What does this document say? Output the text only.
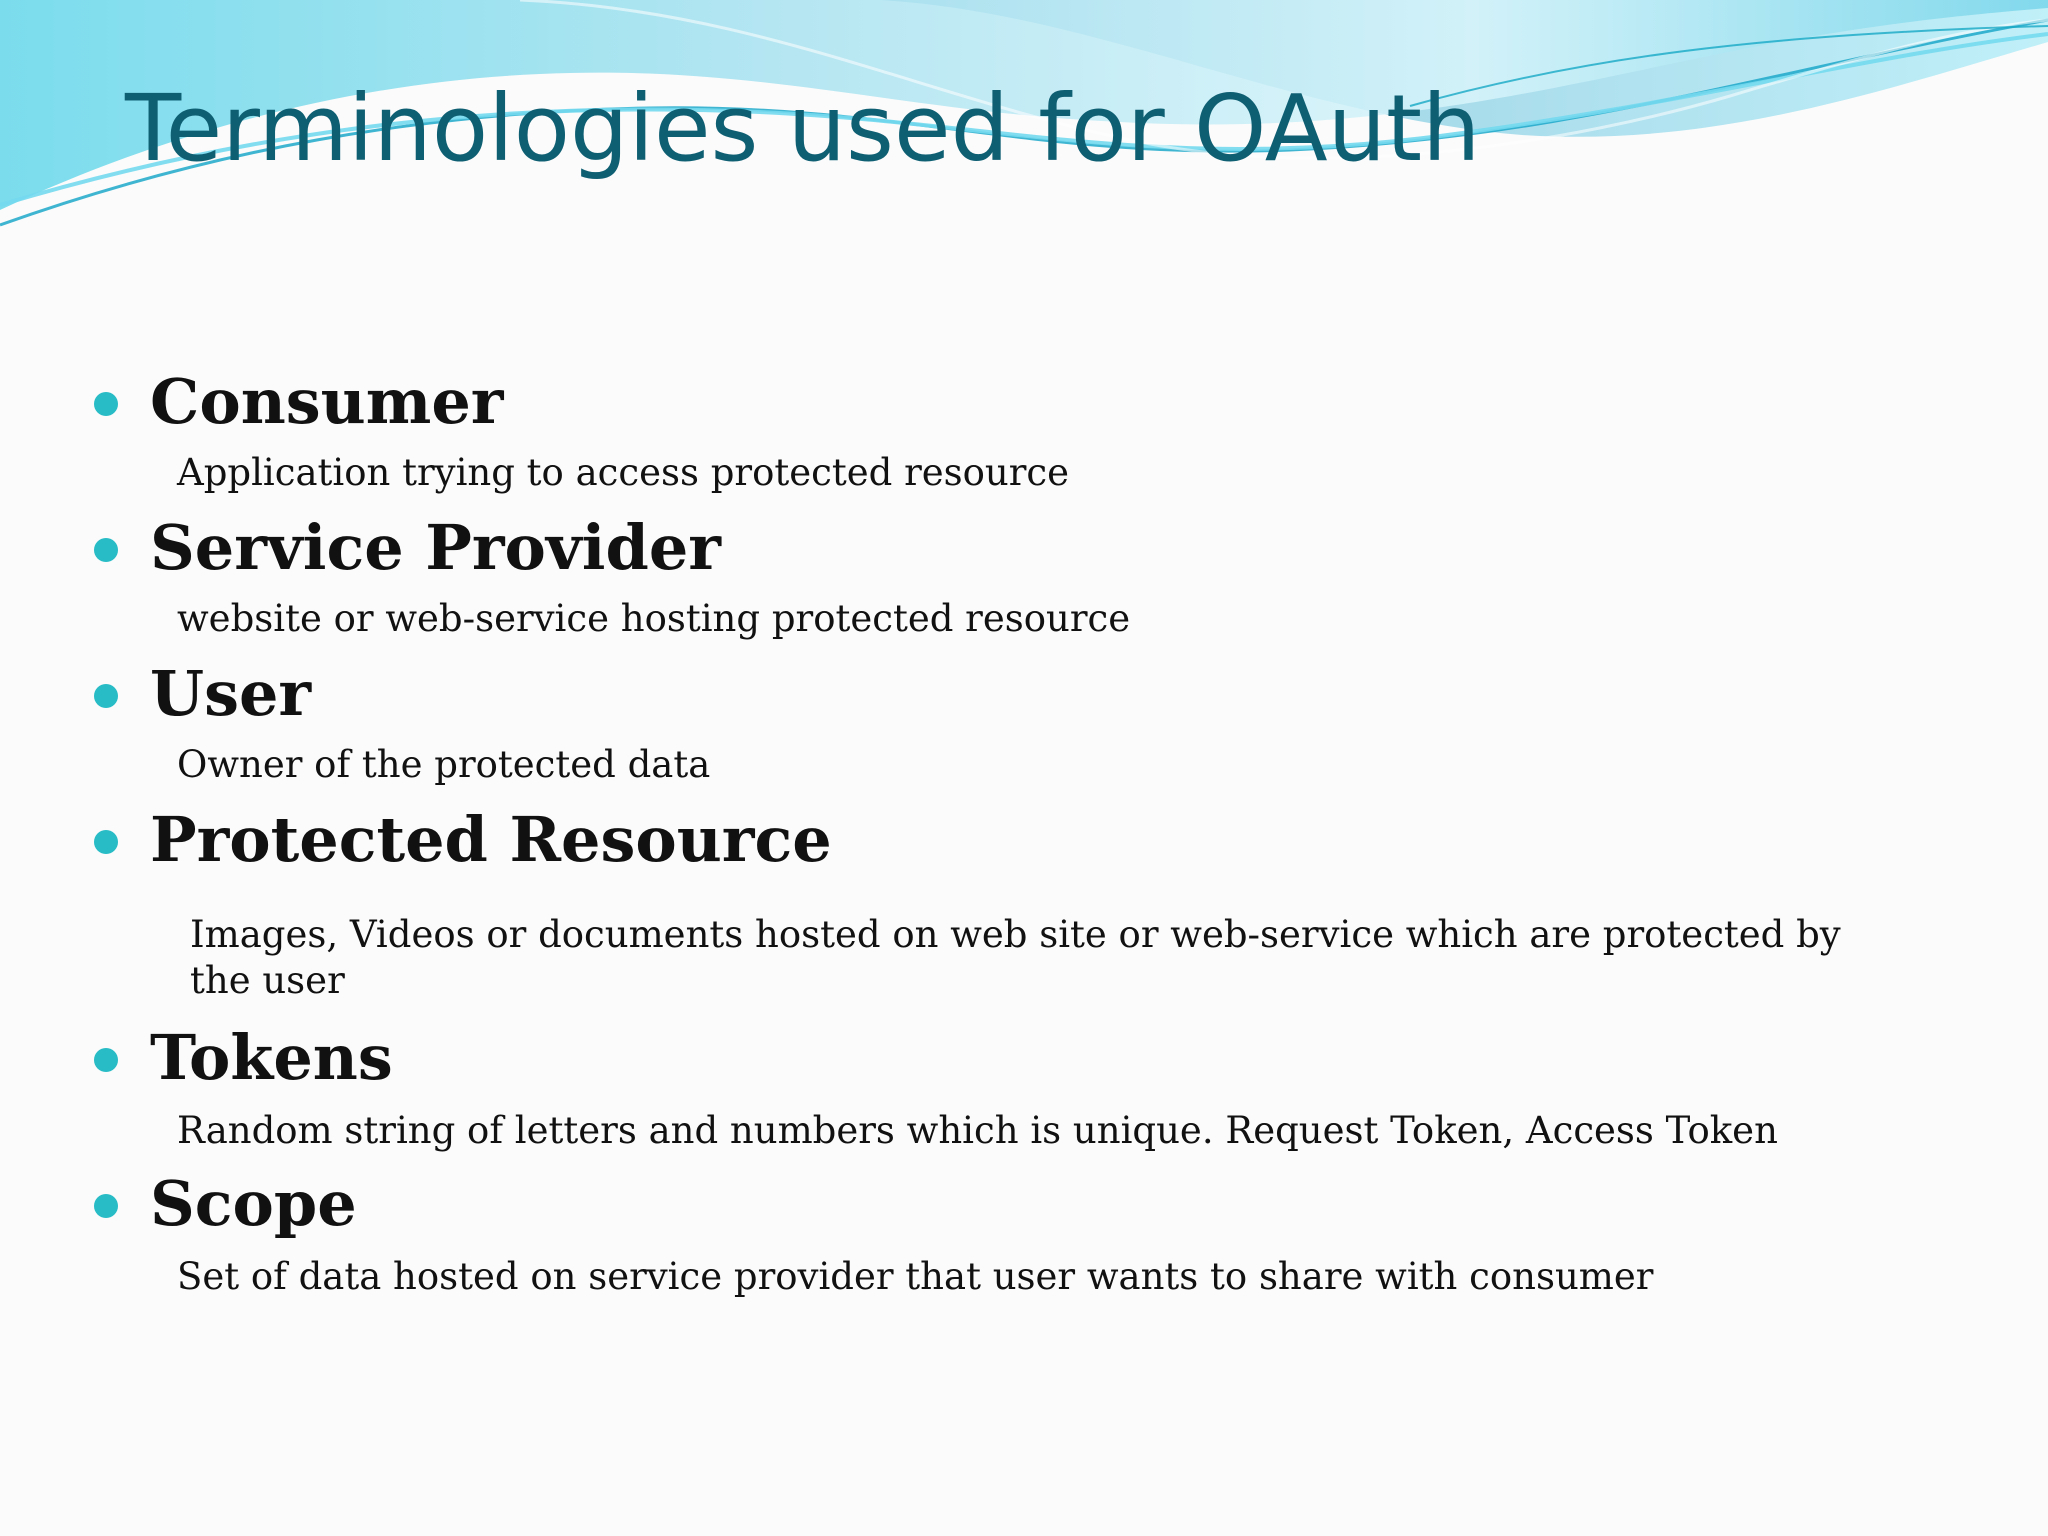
Terminologies used for OAuth
Consumer

Application trying to access protected resource

Service Provider

website or web-service hosting protected resource

User

Owner of the protected data

Protected Resource

Images, Videos or documents hosted on web site or web-service which are protected by the user

Tokens

Random string of letters and numbers which is unique. Request Token, Access Token

Scope

Set of data hosted on service provider that user wants to share with consumer
